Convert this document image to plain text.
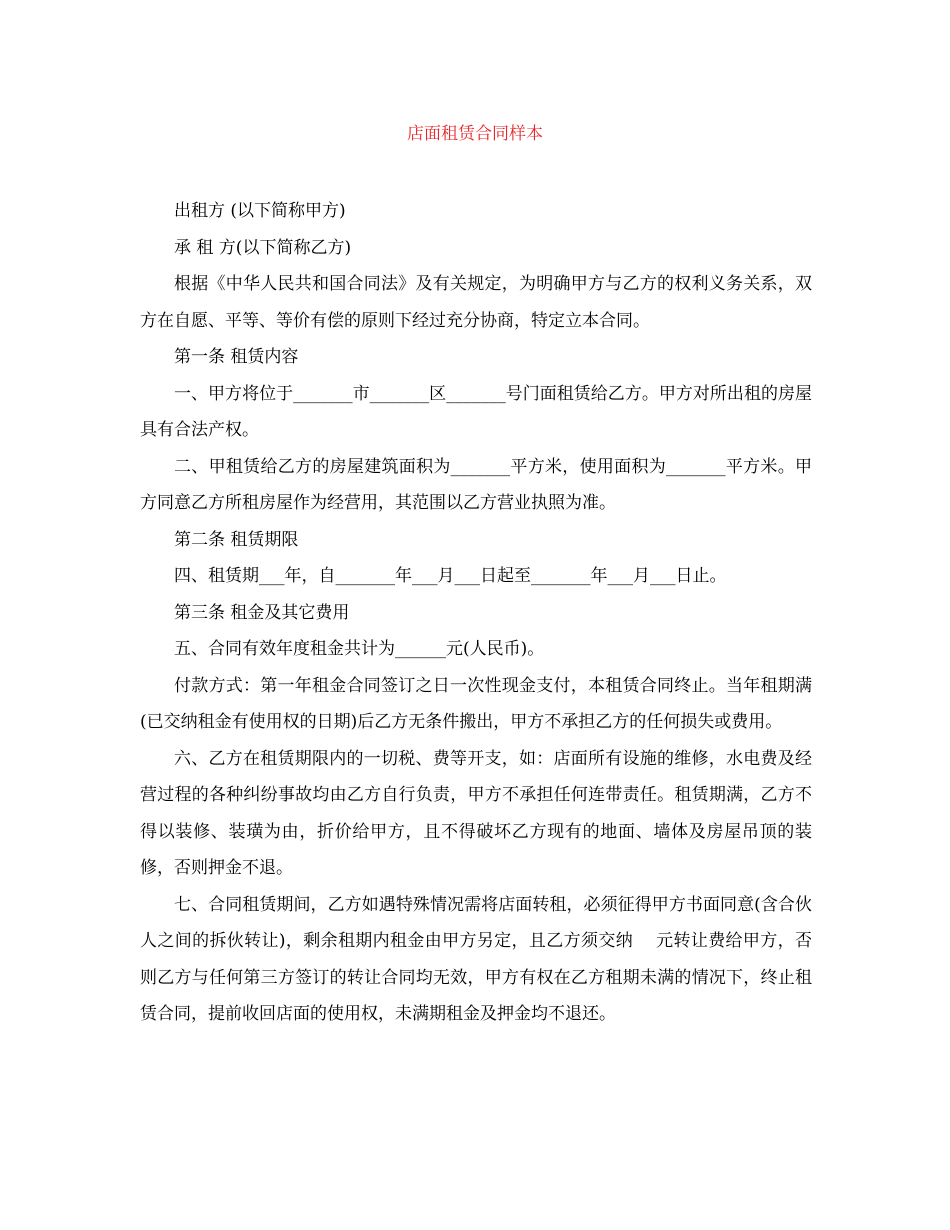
店面租赁合同样本

出租方 (以下简称甲方)

承 租 方(以下简称乙方)

根据《中华人民共和国合同法》及有关规定，为明确甲方与乙方的权利义务关系，双方在自愿、平等、等价有偿的原则下经过充分协商，特定立本合同。

第一条 租赁内容

一、甲方将位于_______市_______区_______号门面租赁给乙方。甲方对所出租的房屋具有合法产权。

二、甲租赁给乙方的房屋建筑面积为_______平方米，使用面积为_______平方米。甲方同意乙方所租房屋作为经营用，其范围以乙方营业执照为准。

第二条 租赁期限

四、租赁期___年，自_______年___月___日起至_______年___月___日止。

第三条 租金及其它费用

五、合同有效年度租金共计为______元(人民币)。

付款方式：第一年租金合同签订之日一次性现金支付，本租赁合同终止。当年租期满(已交纳租金有使用权的日期)后乙方无条件搬出，甲方不承担乙方的任何损失或费用。

六、乙方在租赁期限内的一切税、费等开支，如：店面所有设施的维修，水电费及经营过程的各种纠纷事故均由乙方自行负责，甲方不承担任何连带责任。租赁期满，乙方不得以装修、装璜为由，折价给甲方，且不得破坏乙方现有的地面、墙体及房屋吊顶的装修，否则押金不退。

七、合同租赁期间，乙方如遇特殊情况需将店面转租，必须征得甲方书面同意(含合伙人之间的拆伙转让)，剩余租期内租金由甲方另定，且乙方须交纳    元转让费给甲方，否则乙方与任何第三方签订的转让合同均无效，甲方有权在乙方租期未满的情况下，终止租赁合同，提前收回店面的使用权，未满期租金及押金均不退还。
